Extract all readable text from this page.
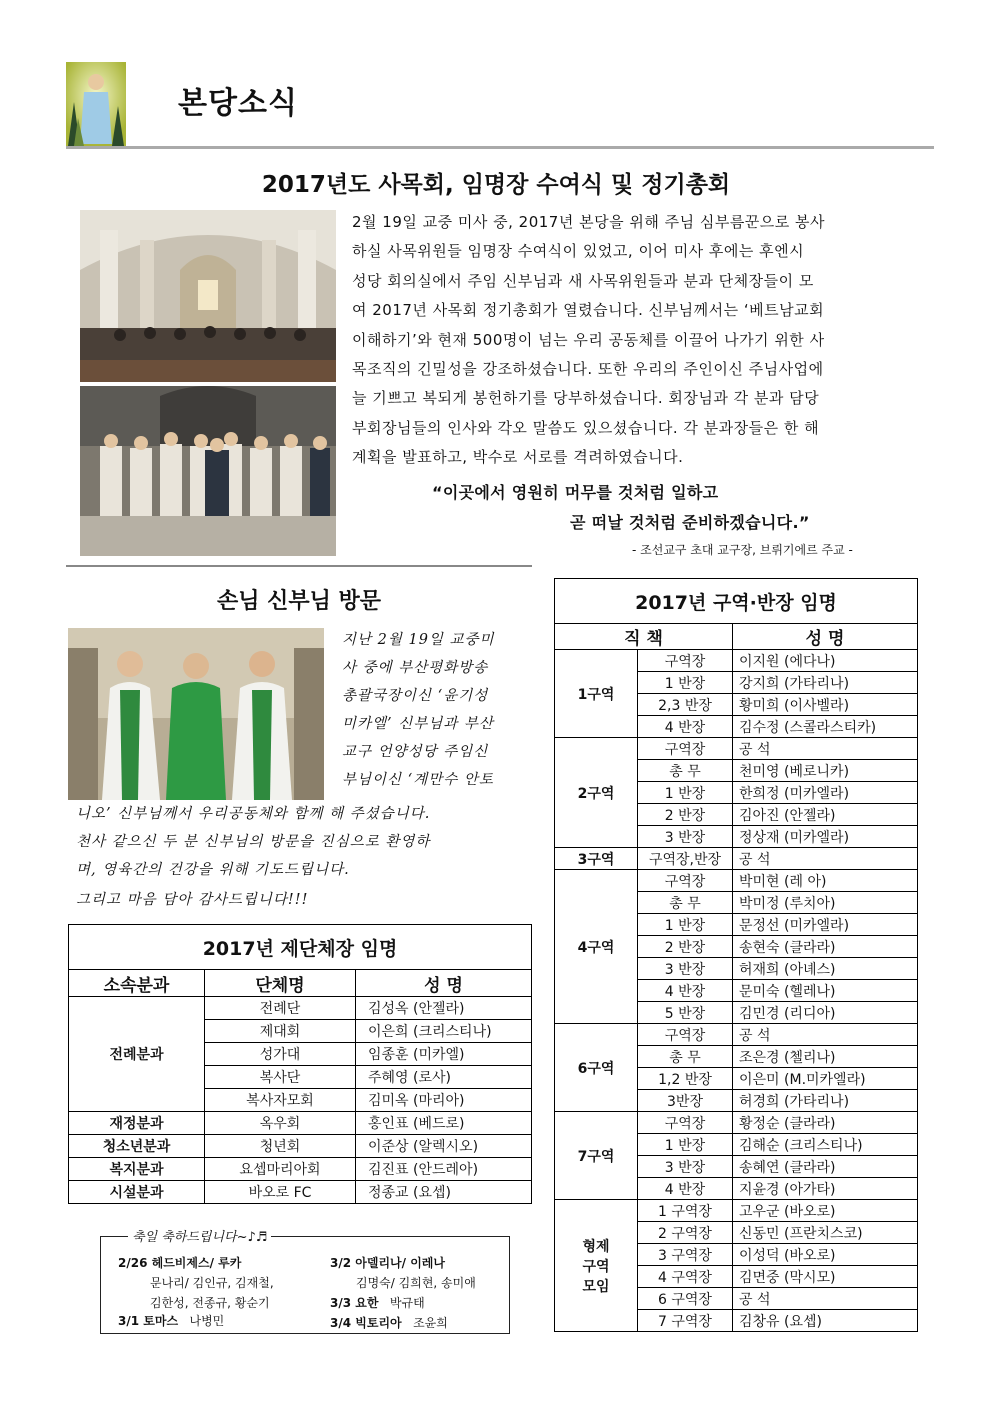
본당소식
2017년도 사목회, 임명장 수여식 및 정기총회
2월 19일 교중 미사 중, 2017년 본당을 위해 주님 심부름꾼으로 봉사
하실 사목위원들 임명장 수여식이 있었고, 이어 미사 후에는 후엔시
성당 회의실에서 주임 신부님과 새 사목위원들과 분과 단체장들이 모
여 2017년 사목회 정기총회가 열렸습니다. 신부님께서는 ‘베트남교회
이해하기’와 현재 500명이 넘는 우리 공동체를 이끌어 나가기 위한 사
목조직의 긴밀성을 강조하셨습니다. 또한 우리의 주인이신 주님사업에
늘 기쁘고 복되게 봉헌하기를 당부하셨습니다. 회장님과 각 분과 담당
부회장님들의 인사와 각오 말씀도 있으셨습니다. 각 분과장들은 한 해
계획을 발표하고, 박수로 서로를 격려하였습니다.
“이곳에서 영원히 머무를 것처럼 일하고
곧 떠날 것처럼 준비하겠습니다.”
- 조선교구 초대 교구장, 브뤼기에르 주교 -
손님 신부님 방문
지난 2월 19일 교중미
사 중에 부산평화방송
총괄국장이신 ‘윤기성
미카엘’ 신부님과 부산
교구 언양성당 주임신
부님이신 ‘계만수 안토
니오’ 신부님께서 우리공동체와 함께 해 주셨습니다.
천사 같으신 두 분 신부님의 방문을 진심으로 환영하
며, 영육간의 건강을 위해 기도드립니다.
그리고 마음 담아 감사드립니다!!!
2017년 제단체장 임명		
소속분과	단체명	성 명
전례분과	전례단	김성옥 (안젤라)
	제대회	이은희 (크리스티나)
	성가대	임종훈 (미카엘)
	복사단	주혜영 (로사)
	복사자모회	김미옥 (마리아)
재정분과	옥우회	홍인표 (베드로)
청소년분과	청년회	이준상 (알렉시오)
복지분과	요셉마리아회	김진표 (안드레아)
시설분과	바오로 FC	정종교 (요셉)
2017년 구역·반장 임명		
직 책		성 명
1구역	구역장	이지원 (에다나)
	1 반장	강지희 (가타리나)
	2,3 반장	황미희 (이사벨라)
	4 반장	김수정 (스콜라스티카)
2구역	구역장	공 석
	총 무	천미영 (베로니카)
	1 반장	한희정 (미카엘라)
	2 반장	김아진 (안젤라)
	3 반장	정상재 (미카엘라)
3구역	구역장,반장	공 석
4구역	구역장	박미현 (레 아)
	총 무	박미정 (루치아)
	1 반장	문정선 (미카엘라)
	2 반장	송현숙 (클라라)
	3 반장	허재희 (아녜스)
	4 반장	문미숙 (헬레나)
	5 반장	김민경 (리디아)
6구역	구역장	공 석
	총 무	조은경 (첼리나)
	1,2 반장	이은미 (M.미카엘라)
	3반장	허경희 (가타리나)
7구역	구역장	황정순 (클라라)
	1 반장	김해순 (크리스티나)
	3 반장	송혜연 (클라라)
	4 반장	지윤경 (아가타)
형제
구역
모임	1 구역장	고우군 (바오로)
	2 구역장	신동민 (프란치스코)
	3 구역장	이성덕 (바오로)
	4 구역장	김면중 (막시모)
	6 구역장	공 석
	7 구역장	김창유 (요셉)
축일 축하드립니다~♪♬
2/26 헤드비제스/ 루카
문나리/ 김인규, 김재철,
김한성, 전종규, 황순기
3/1 토마스 나병민
3/2 아델리나/ 이레나
김명숙/ 김희현, 송미애
3/3 요한 박규태
3/4 빅토리아 조윤희
